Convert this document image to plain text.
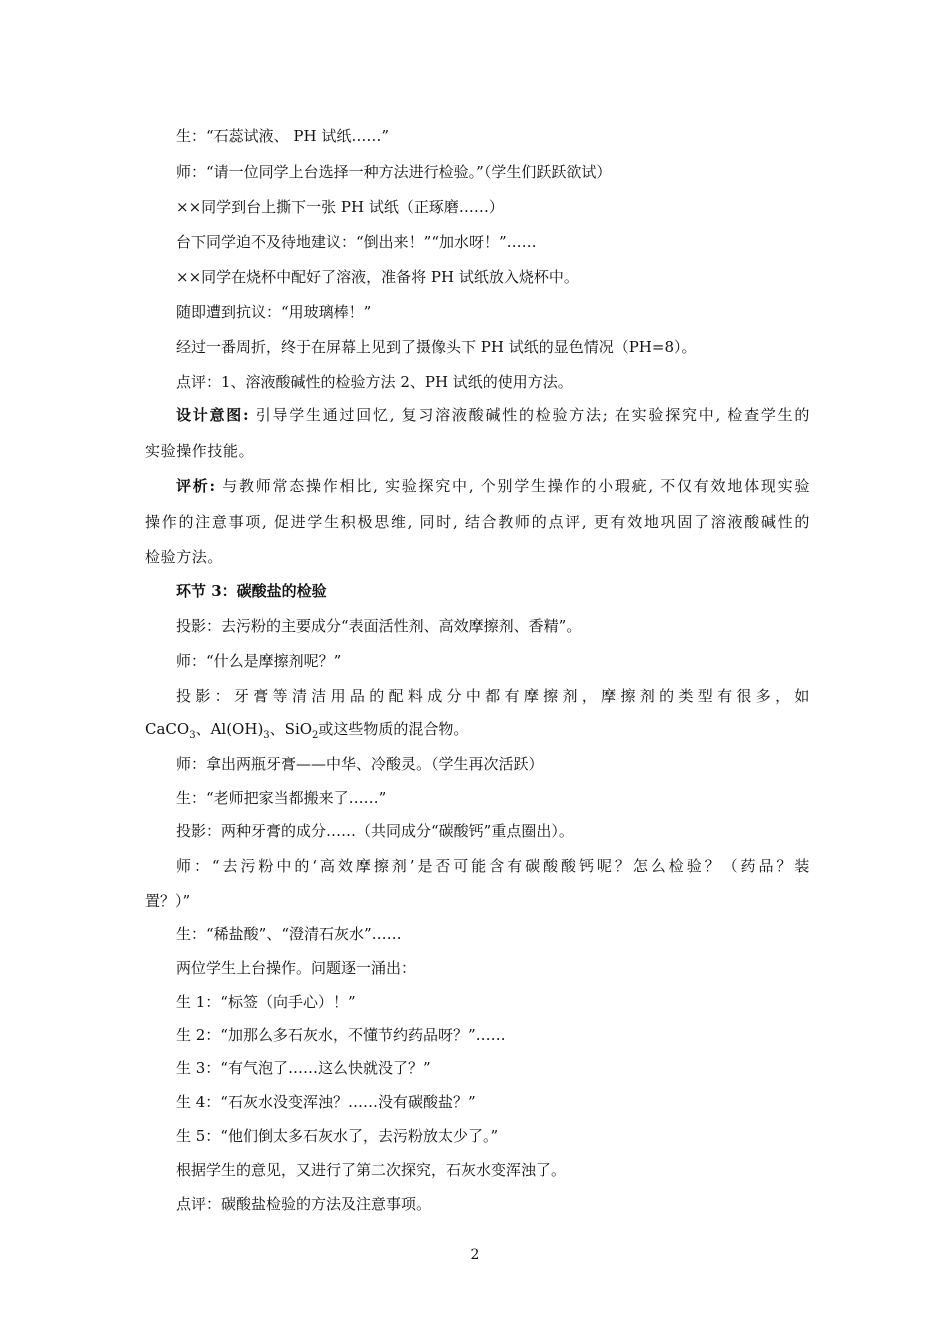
生：“石蕊试液、 PH 试纸……”
师：“请一位同学上台选择一种方法进行检验。”（学生们跃跃欲试）
××同学到台上撕下一张 PH 试纸（正琢磨……）
台下同学迫不及待地建议：“倒出来！”“加水呀！”……
××同学在烧杯中配好了溶液，准备将 PH 试纸放入烧杯中。
随即遭到抗议：“用玻璃棒！”
经过一番周折，终于在屏幕上见到了摄像头下 PH 试纸的显色情况（PH=8）。
点评：1、溶液酸碱性的检验方法 2、PH 试纸的使用方法。
设计意图: 引导学生通过回忆, 复习溶液酸碱性的检验方法; 在实验探究中, 检查学生的
实验操作技能。
评析: 与教师常态操作相比, 实验探究中, 个别学生操作的小瑕疵, 不仅有效地体现实验
操作的注意事项, 促进学生积极思维, 同时, 结合教师的点评, 更有效地巩固了溶液酸碱性的
检验方法。
环节 3：碳酸盐的检验
投影：去污粉的主要成分“表面活性剂、高效摩擦剂、香精”。
师：“什么是摩擦剂呢？”
投影：牙膏等清洁用品的配料成分中都有摩擦剂，摩擦剂的类型有很多，如
CaCO$_3$、$Al(OH)_3$、SiO$_2$或这些物质的混合物。
师：拿出两瓶牙膏——中华、冷酸灵。（学生再次活跃）
生：“老师把家当都搬来了……”
投影：两种牙膏的成分……（共同成分“碳酸钙”重点圈出）。
师：“去污粉中的‘高效摩擦剂’是否可能含有碳酸酸钙呢？怎么检验？（药品？装
置？）”
生：“稀盐酸”、“澄清石灰水”……
两位学生上台操作。问题逐一涌出：
生 1：“标签（向手心）！”
生 2：“加那么多石灰水，不懂节约药品呀？”……
生 3：“有气泡了……这么快就没了？”
生 4：“石灰水没变浑浊？……没有碳酸盐？”
生 5：“他们倒太多石灰水了，去污粉放太少了。”
根据学生的意见，又进行了第二次探究，石灰水变浑浊了。
点评：碳酸盐检验的方法及注意事项。
2
